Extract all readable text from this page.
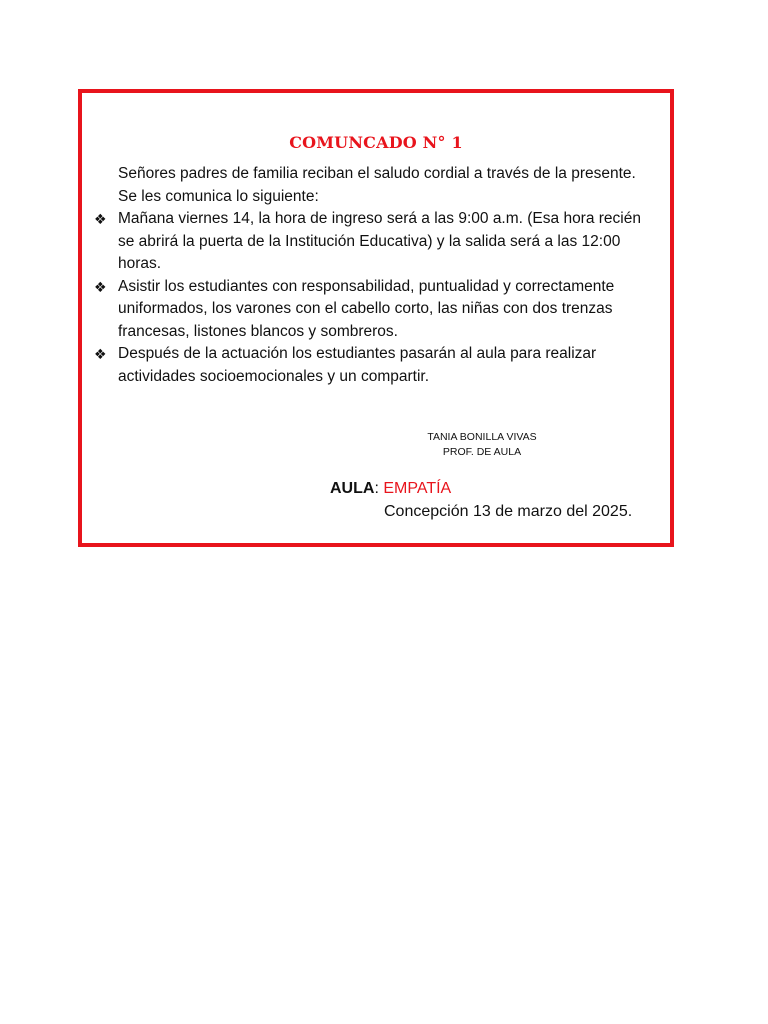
COMUNCADO N° 1

Señores padres de familia reciban el saludo cordial a través de la presente.

Se les comunica lo siguiente:

❖ Mañana viernes 14, la hora de ingreso será a las 9:00 a.m. (Esa hora recién se abrirá la puerta de la Institución Educativa) y la salida será a las 12:00 horas.

❖ Asistir los estudiantes con responsabilidad, puntualidad y correctamente uniformados, los varones con el cabello corto, las niñas con dos trenzas francesas, listones blancos y sombreros.

❖ Después de la actuación los estudiantes pasarán al aula para realizar actividades socioemocionales y un compartir.

TANIA BONILLA VIVAS
PROF. DE AULA
AULA: EMPATÍA
Concepción 13 de marzo del 2025.
